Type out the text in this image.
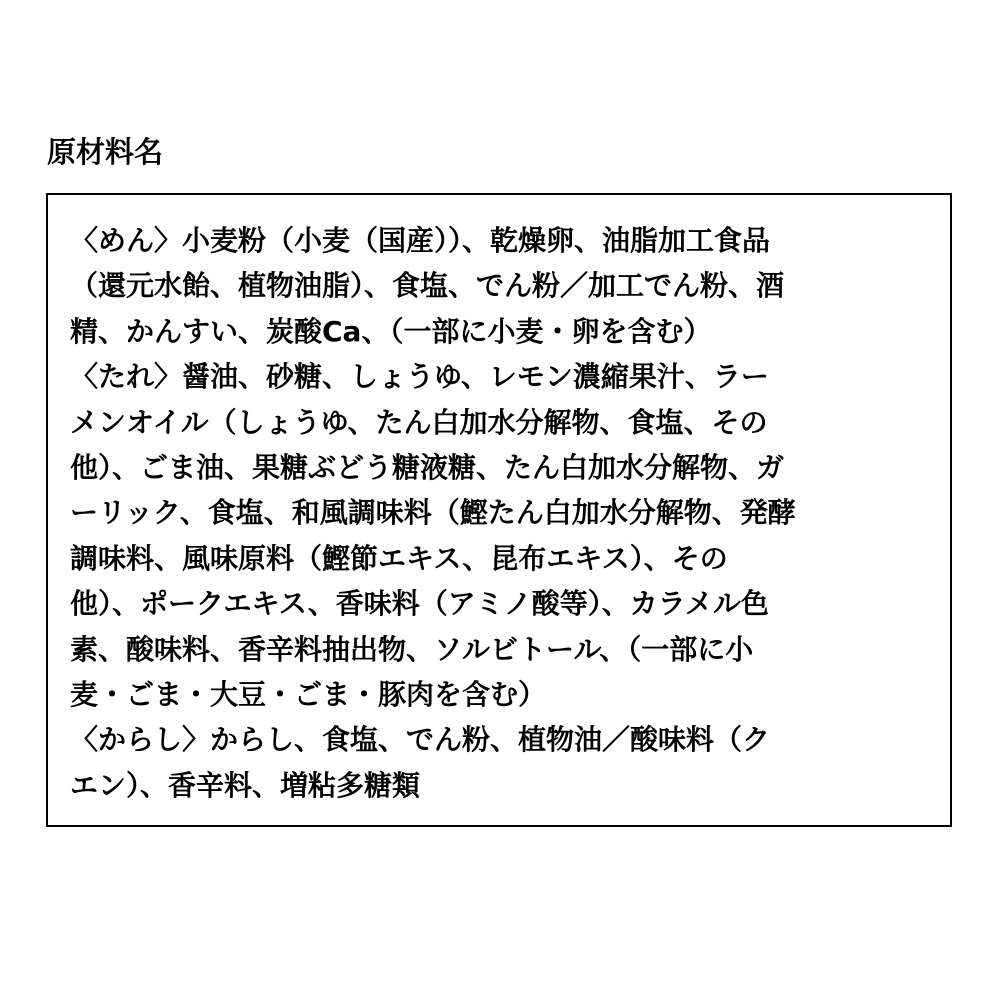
原材料名
〈めん〉小麦粉（小麦（国産））、乾燥卵、油脂加工食品
（還元水飴、植物油脂）、食塩、でん粉／加工でん粉、酒
精、かんすい、炭酸Ca、（一部に小麦・卵を含む）
〈たれ〉醤油、砂糖、しょうゆ、レモン濃縮果汁、ラー
メンオイル（しょうゆ、たん白加水分解物、食塩、その
他）、ごま油、果糖ぶどう糖液糖、たん白加水分解物、ガ
ーリック、食塩、和風調味料（鰹たん白加水分解物、発酵
調味料、風味原料（鰹節エキス、昆布エキス）、その
他）、ポークエキス、香味料（アミノ酸等）、カラメル色
素、酸味料、香辛料抽出物、ソルビトール、（一部に小
麦・ごま・大豆・ごま・豚肉を含む）
〈からし〉からし、食塩、でん粉、植物油／酸味料（ク
エン）、香辛料、増粘多糖類
